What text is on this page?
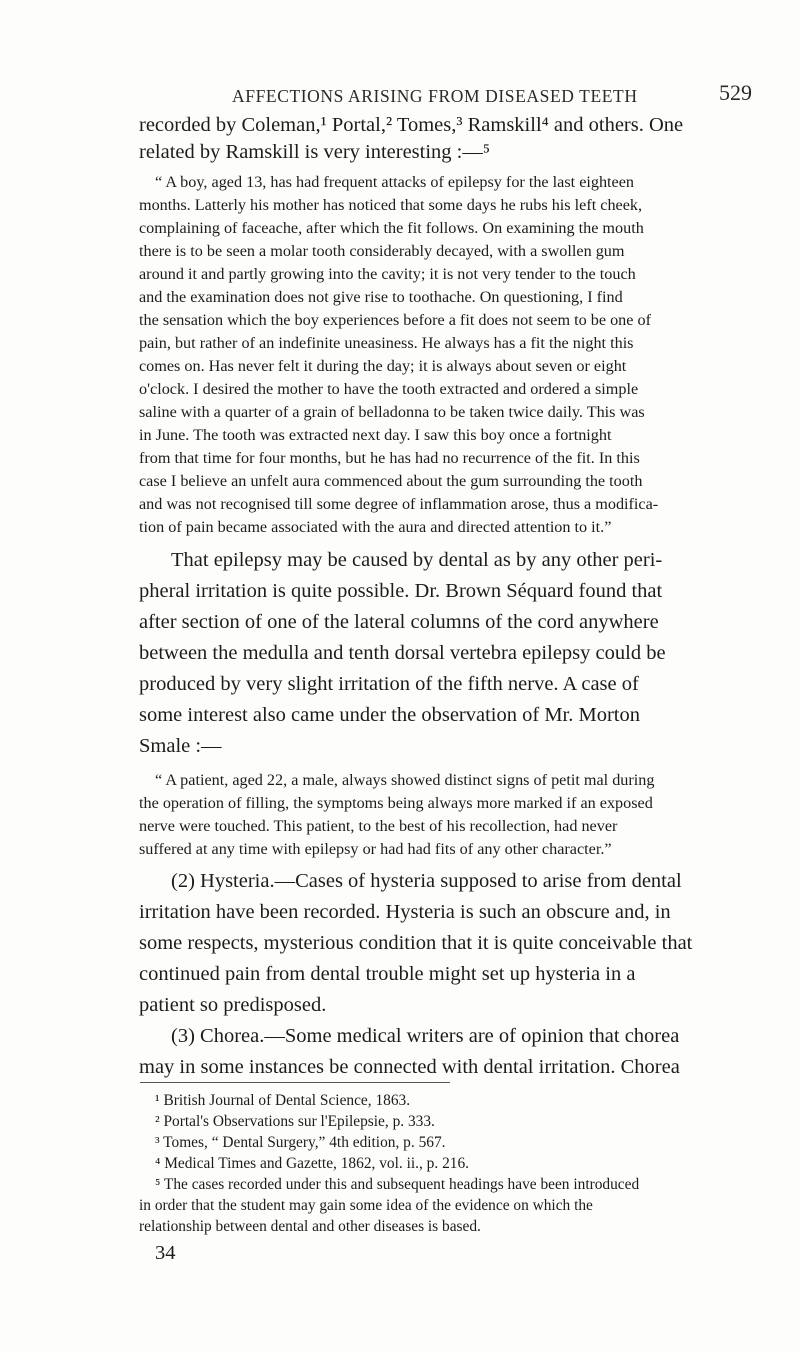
AFFECTIONS ARISING FROM DISEASED TEETH	529
recorded by Coleman,¹ Portal,² Tomes,³ Ramskill⁴ and others. One
related by Ramskill is very interesting :—⁵
“ A boy, aged 13, has had frequent attacks of epilepsy for the last eighteen
months. Latterly his mother has noticed that some days he rubs his left cheek,
complaining of faceache, after which the fit follows. On examining the mouth
there is to be seen a molar tooth considerably decayed, with a swollen gum
around it and partly growing into the cavity; it is not very tender to the touch
and the examination does not give rise to toothache. On questioning, I find
the sensation which the boy experiences before a fit does not seem to be one of
pain, but rather of an indefinite uneasiness. He always has a fit the night this
comes on. Has never felt it during the day; it is always about seven or eight
o'clock. I desired the mother to have the tooth extracted and ordered a simple
saline with a quarter of a grain of belladonna to be taken twice daily. This was
in June. The tooth was extracted next day. I saw this boy once a fortnight
from that time for four months, but he has had no recurrence of the fit. In this
case I believe an unfelt aura commenced about the gum surrounding the tooth
and was not recognised till some degree of inflammation arose, thus a modifica-
tion of pain became associated with the aura and directed attention to it.”
That epilepsy may be caused by dental as by any other peri-
pheral irritation is quite possible. Dr. Brown Séquard found that
after section of one of the lateral columns of the cord anywhere
between the medulla and tenth dorsal vertebra epilepsy could be
produced by very slight irritation of the fifth nerve. A case of
some interest also came under the observation of Mr. Morton
Smale :—
“ A patient, aged 22, a male, always showed distinct signs of petit mal during
the operation of filling, the symptoms being always more marked if an exposed
nerve were touched. This patient, to the best of his recollection, had never
suffered at any time with epilepsy or had had fits of any other character.”
(2) Hysteria.—Cases of hysteria supposed to arise from dental
irritation have been recorded. Hysteria is such an obscure and, in
some respects, mysterious condition that it is quite conceivable that
continued pain from dental trouble might set up hysteria in a
patient so predisposed.
(3) Chorea.—Some medical writers are of opinion that chorea
may in some instances be connected with dental irritation. Chorea
¹ British Journal of Dental Science, 1863.
² Portal's Observations sur l'Epilepsie, p. 333.
³ Tomes, “ Dental Surgery,” 4th edition, p. 567.
⁴ Medical Times and Gazette, 1862, vol. ii., p. 216.
⁵ The cases recorded under this and subsequent headings have been introduced
in order that the student may gain some idea of the evidence on which the
relationship between dental and other diseases is based.
34
